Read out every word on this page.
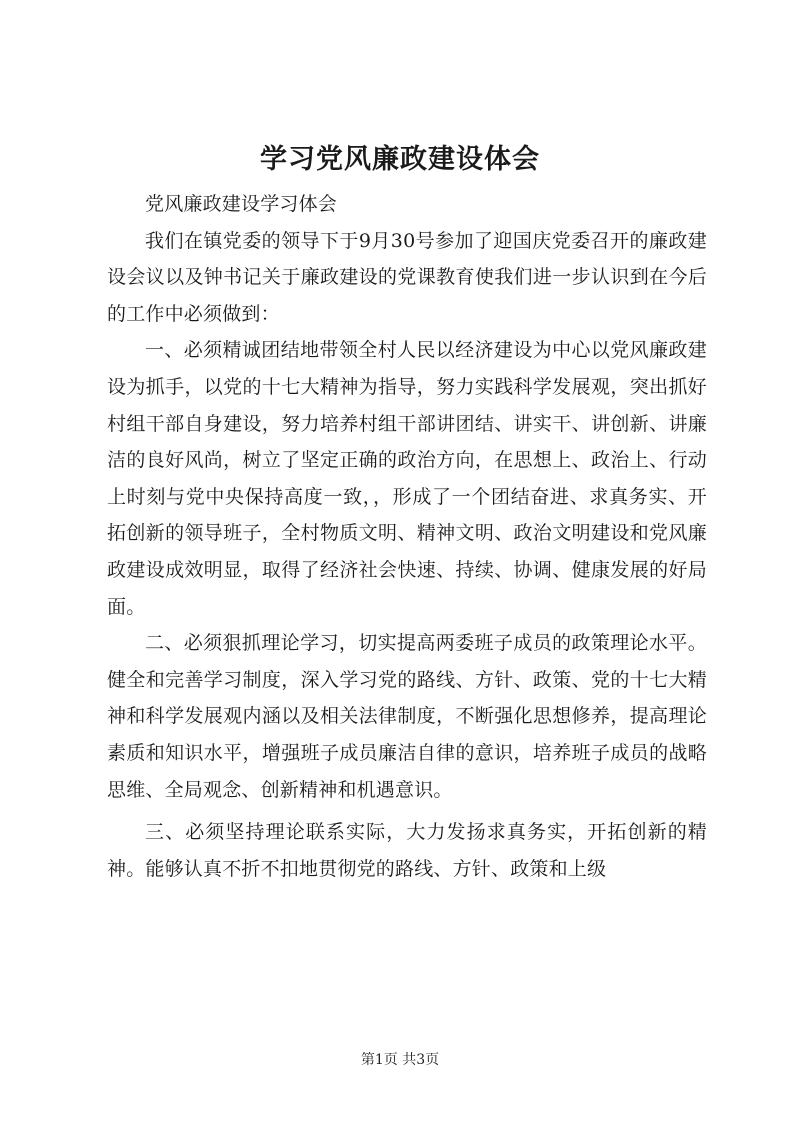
学习党风廉政建设体会

党风廉政建设学习体会

我们在镇党委的领导下于9月30号参加了迎国庆党委召开的廉政建设会议以及钟书记关于廉政建设的党课教育使我们进一步认识到在今后的工作中必须做到：

一、必须精诚团结地带领全村人民以经济建设为中心以党风廉政建设为抓手，以党的十七大精神为指导，努力实践科学发展观，突出抓好村组干部自身建设，努力培养村组干部讲团结、讲实干、讲创新、讲廉洁的良好风尚，树立了坚定正确的政治方向，在思想上、政治上、行动上时刻与党中央保持高度一致，，形成了一个团结奋进、求真务实、开拓创新的领导班子，全村物质文明、精神文明、政治文明建设和党风廉政建设成效明显，取得了经济社会快速、持续、协调、健康发展的好局面。

二、必须狠抓理论学习，切实提高两委班子成员的政策理论水平。健全和完善学习制度，深入学习党的路线、方针、政策、党的十七大精神和科学发展观内涵以及相关法律制度，不断强化思想修养，提高理论素质和知识水平，增强班子成员廉洁自律的意识，培养班子成员的战略思维、全局观念、创新精神和机遇意识。

三、必须坚持理论联系实际，大力发扬求真务实，开拓创新的精神。能够认真不折不扣地贯彻党的路线、方针、政策和上级

第1页 共3页
